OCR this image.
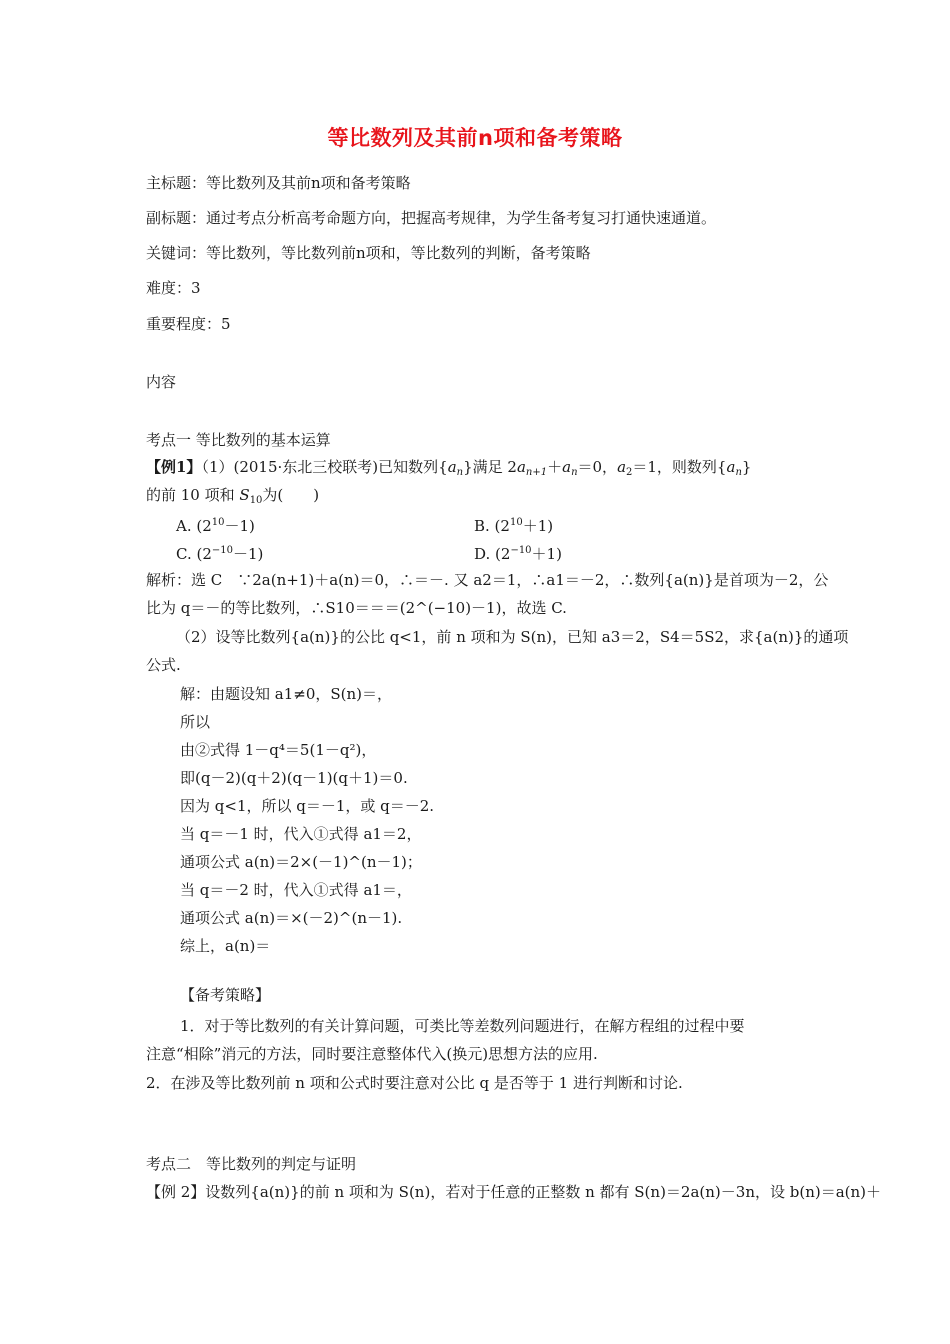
等比数列及其前n项和备考策略
主标题：等比数列及其前n项和备考策略
副标题：通过考点分析高考命题方向，把握高考规律，为学生备考复习打通快速通道。
关键词：等比数列，等比数列前n项和，等比数列的判断，备考策略
难度：3
重要程度：5
内容
考点一 等比数列的基本运算
【例1】（1）(2015·东北三校联考)已知数列$\{a_n\}$满足 $2a_{n+1}+a_n=0$，$a_2=1$，则数列$\{a_n\}$
的前 10 项和 $S_{10}$为(　　)
A. $(2^{10}-1)$	B. $(2^{10}+1)$
C. $(2^{-10}-1)$	D. $(2^{-10}+1)$
解析：选 C　∵2a(n+1)＋a(n)＝0，∴＝－. 又 a2＝1，∴a1＝－2，∴数列{a(n)}是首项为－2，公
比为 q＝－的等比数列，∴S10＝＝＝(2^(−10)－1)，故选 C.
（2）设等比数列{a(n)}的公比 q<1，前 n 项和为 S(n)，已知 a3＝2，S4＝5S2，求{a(n)}的通项
公式.
解：由题设知 a1≠0，S(n)＝，
所以
由②式得 1－q⁴＝5(1－q²)，
即(q－2)(q＋2)(q－1)(q＋1)＝0.
因为 q<1，所以 q＝－1，或 q＝－2.
当 q＝－1 时，代入①式得 a1＝2，
通项公式 a(n)＝2×(－1)^(n－1)；
当 q＝－2 时，代入①式得 a1＝，
通项公式 a(n)＝×(－2)^(n－1).
综上，a(n)＝
【备考策略】
1．对于等比数列的有关计算问题，可类比等差数列问题进行，在解方程组的过程中要
注意“相除”消元的方法，同时要注意整体代入(换元)思想方法的应用.
2．在涉及等比数列前 n 项和公式时要注意对公比 q 是否等于 1 进行判断和讨论.
考点二　等比数列的判定与证明
【例 2】设数列{a(n)}的前 n 项和为 S(n)，若对于任意的正整数 n 都有 S(n)＝2a(n)－3n，设 b(n)＝a(n)＋
